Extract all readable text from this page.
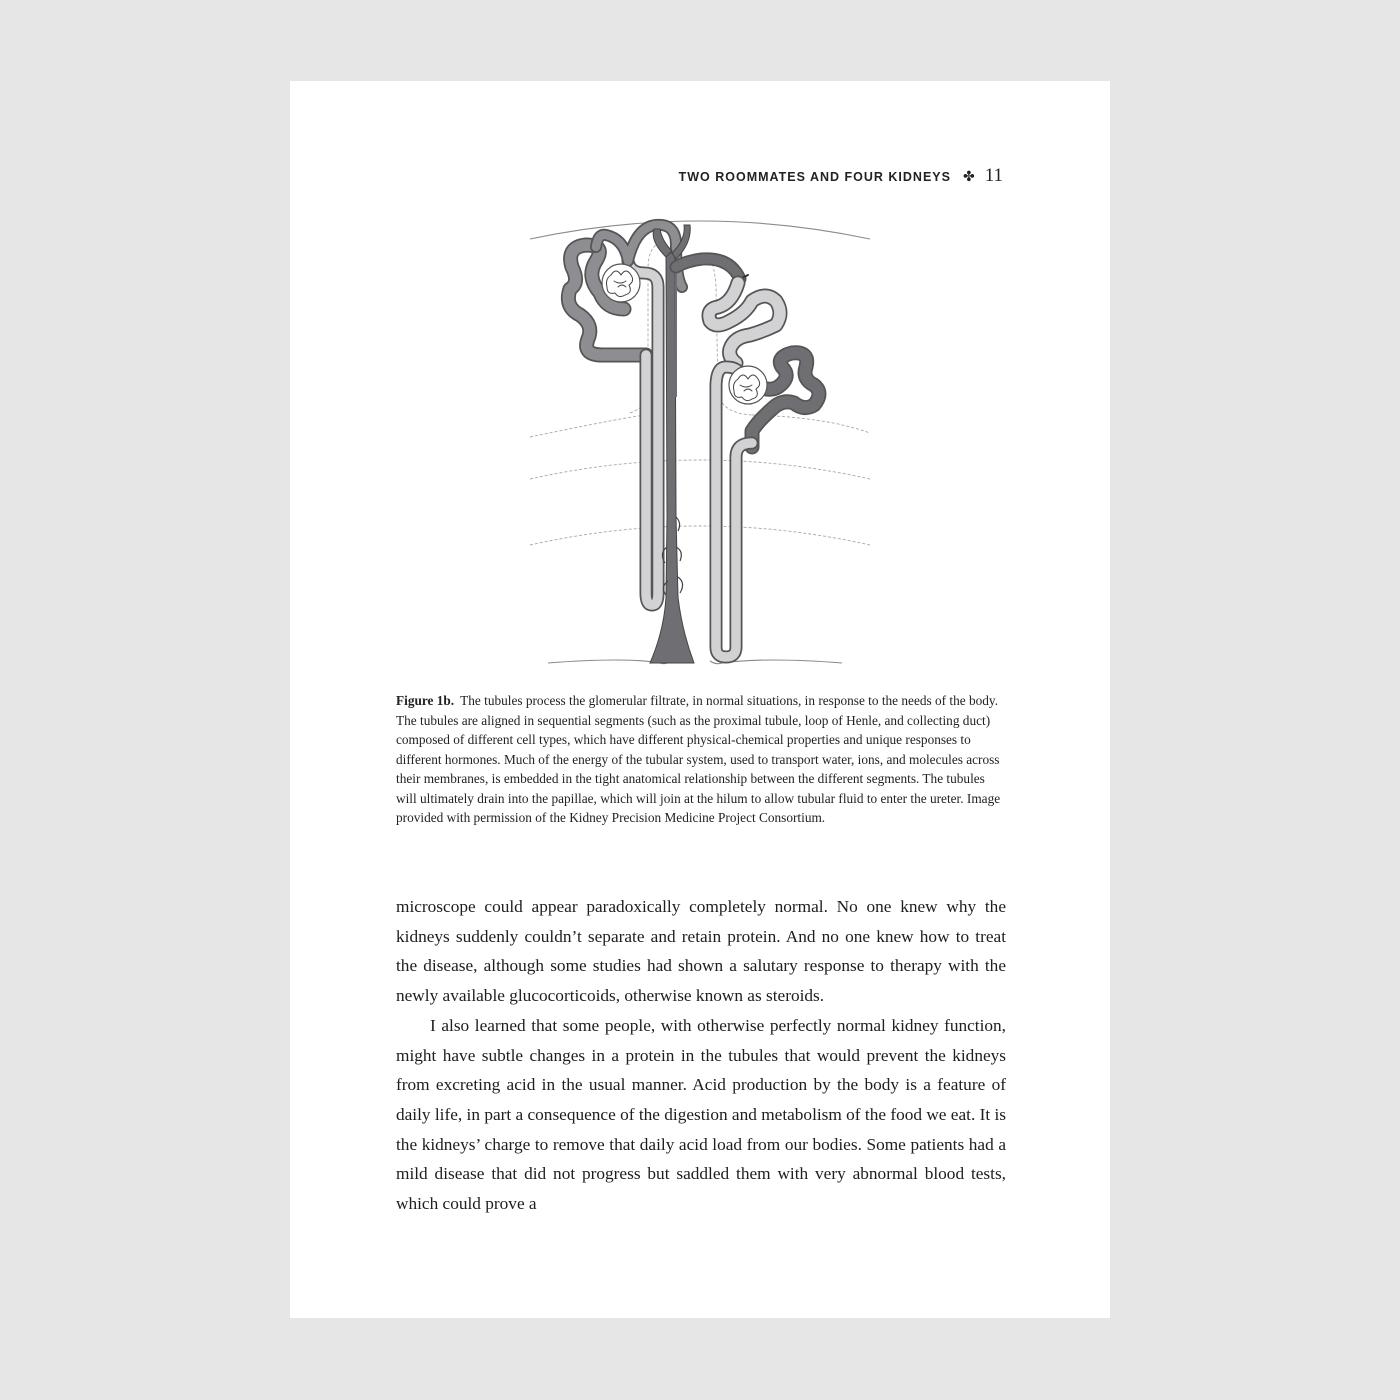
TWO ROOMMATES AND FOUR KIDNEYS ✤ 11
Figure 1b. The tubules process the glomerular filtrate, in normal situations, in response to the needs of the body. The tubules are aligned in sequential segments (such as the proximal tubule, loop of Henle, and collecting duct) composed of different cell types, which have different physical-chemical properties and unique responses to different hormones. Much of the energy of the tubular system, used to transport water, ions, and molecules across their membranes, is embedded in the tight anatomical relationship between the different segments. The tubules will ultimately drain into the papillae, which will join at the hilum to allow tubular fluid to enter the ureter. Image provided with permission of the Kidney Precision Medicine Project Consortium.

microscope could appear paradoxically completely normal. No one knew why the kidneys suddenly couldn’t separate and retain protein. And no one knew how to treat the disease, although some studies had shown a salutary response to therapy with the newly available glucocorticoids, otherwise known as steroids.

I also learned that some people, with otherwise perfectly normal kidney function, might have subtle changes in a protein in the tubules that would prevent the kidneys from excreting acid in the usual manner. Acid production by the body is a feature of daily life, in part a consequence of the digestion and metabolism of the food we eat. It is the kidneys’ charge to remove that daily acid load from our bodies. Some patients had a mild disease that did not progress but saddled them with very abnormal blood tests, which could prove a
